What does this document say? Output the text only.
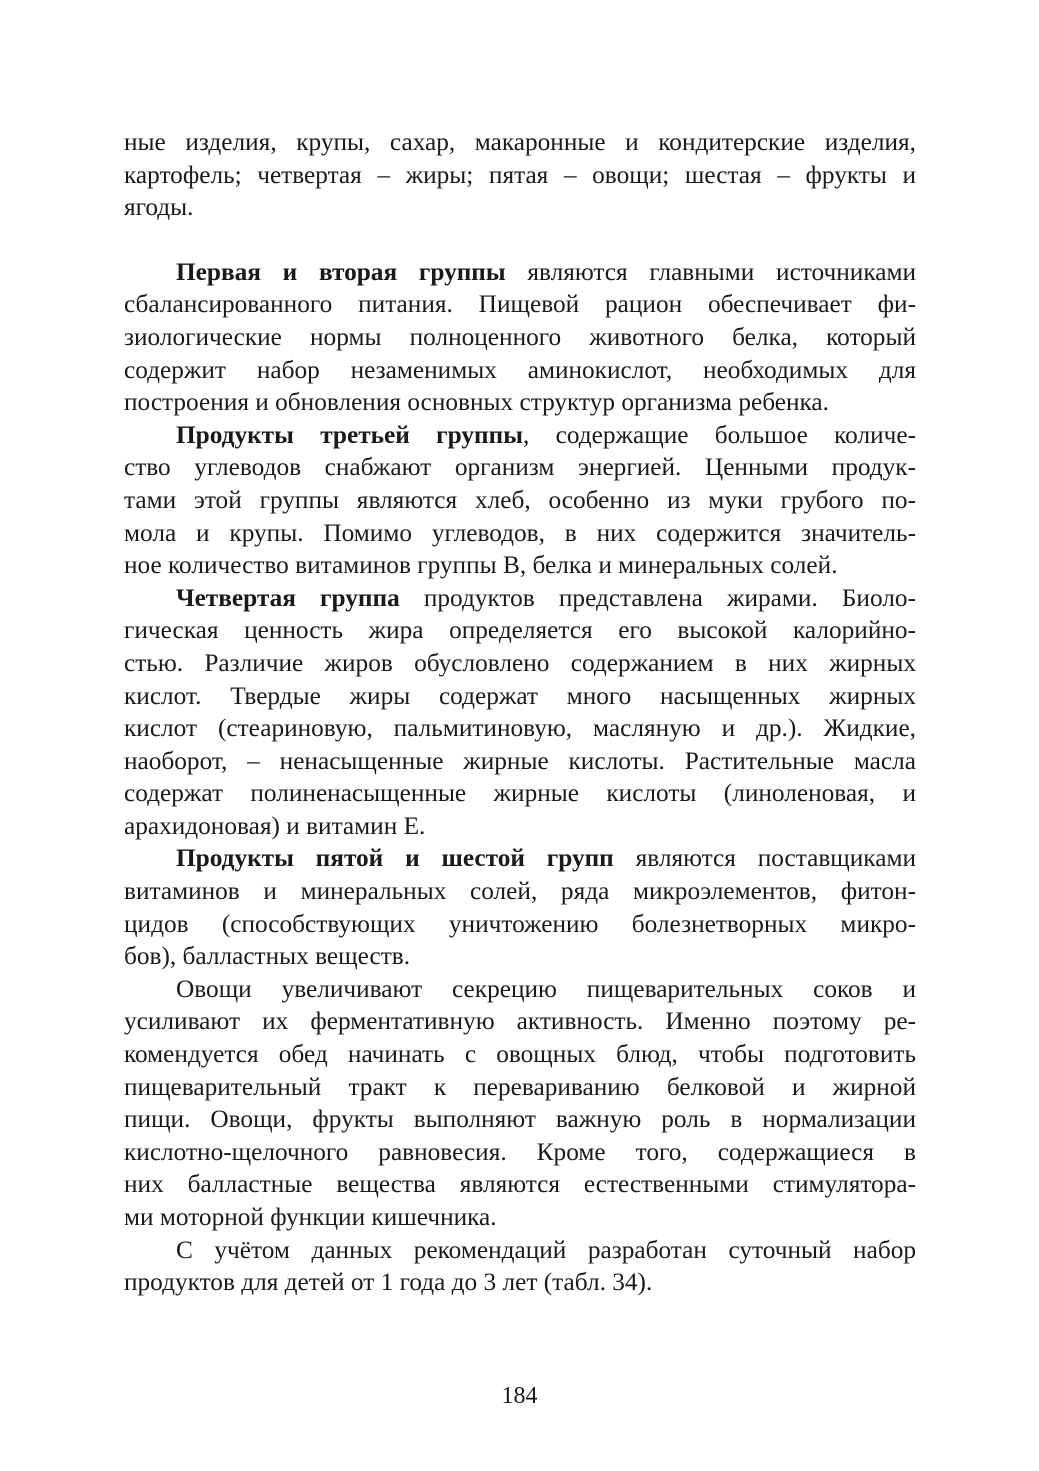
ные изделия, крупы, сахар, макаронные и кондитерские изделия,
картофель; четвертая – жиры; пятая – овощи; шестая – фрукты и
ягоды.

Первая и вторая группы являются главными источниками
сбалансированного питания. Пищевой рацион обеспечивает фи-
зиологические нормы полноценного животного белка, который
содержит набор незаменимых аминокислот, необходимых для
построения и обновления основных структур организма ребенка.

Продукты третьей группы, содержащие большое количе-
ство углеводов снабжают организм энергией. Ценными продук-
тами этой группы являются хлеб, особенно из муки грубого по-
мола и крупы. Помимо углеводов, в них содержится значитель-
ное количество витаминов группы В, белка и минеральных солей.

Четвертая группа продуктов представлена жирами. Биоло-
гическая ценность жира определяется его высокой калорийно-
стью. Различие жиров обусловлено содержанием в них жирных
кислот. Твердые жиры содержат много насыщенных жирных
кислот (стеариновую, пальмитиновую, масляную и др.). Жидкие,
наоборот, – ненасыщенные жирные кислоты. Растительные масла
содержат полиненасыщенные жирные кислоты (линоленовая, и
арахидоновая) и витамин Е.

Продукты пятой и шестой групп являются поставщиками
витаминов и минеральных солей, ряда микроэлементов, фитон-
цидов (способствующих уничтожению болезнетворных микро-
бов), балластных веществ.

Овощи увеличивают секрецию пищеварительных соков и
усиливают их ферментативную активность. Именно поэтому ре-
комендуется обед начинать с овощных блюд, чтобы подготовить
пищеварительный тракт к перевариванию белковой и жирной
пищи. Овощи, фрукты выполняют важную роль в нормализации
кислотно-щелочного равновесия. Кроме того, содержащиеся в
них балластные вещества являются естественными стимулятора-
ми моторной функции кишечника.

С учётом данных рекомендаций разработан суточный набор
продуктов для детей от 1 года до 3 лет (табл. 34).

184
